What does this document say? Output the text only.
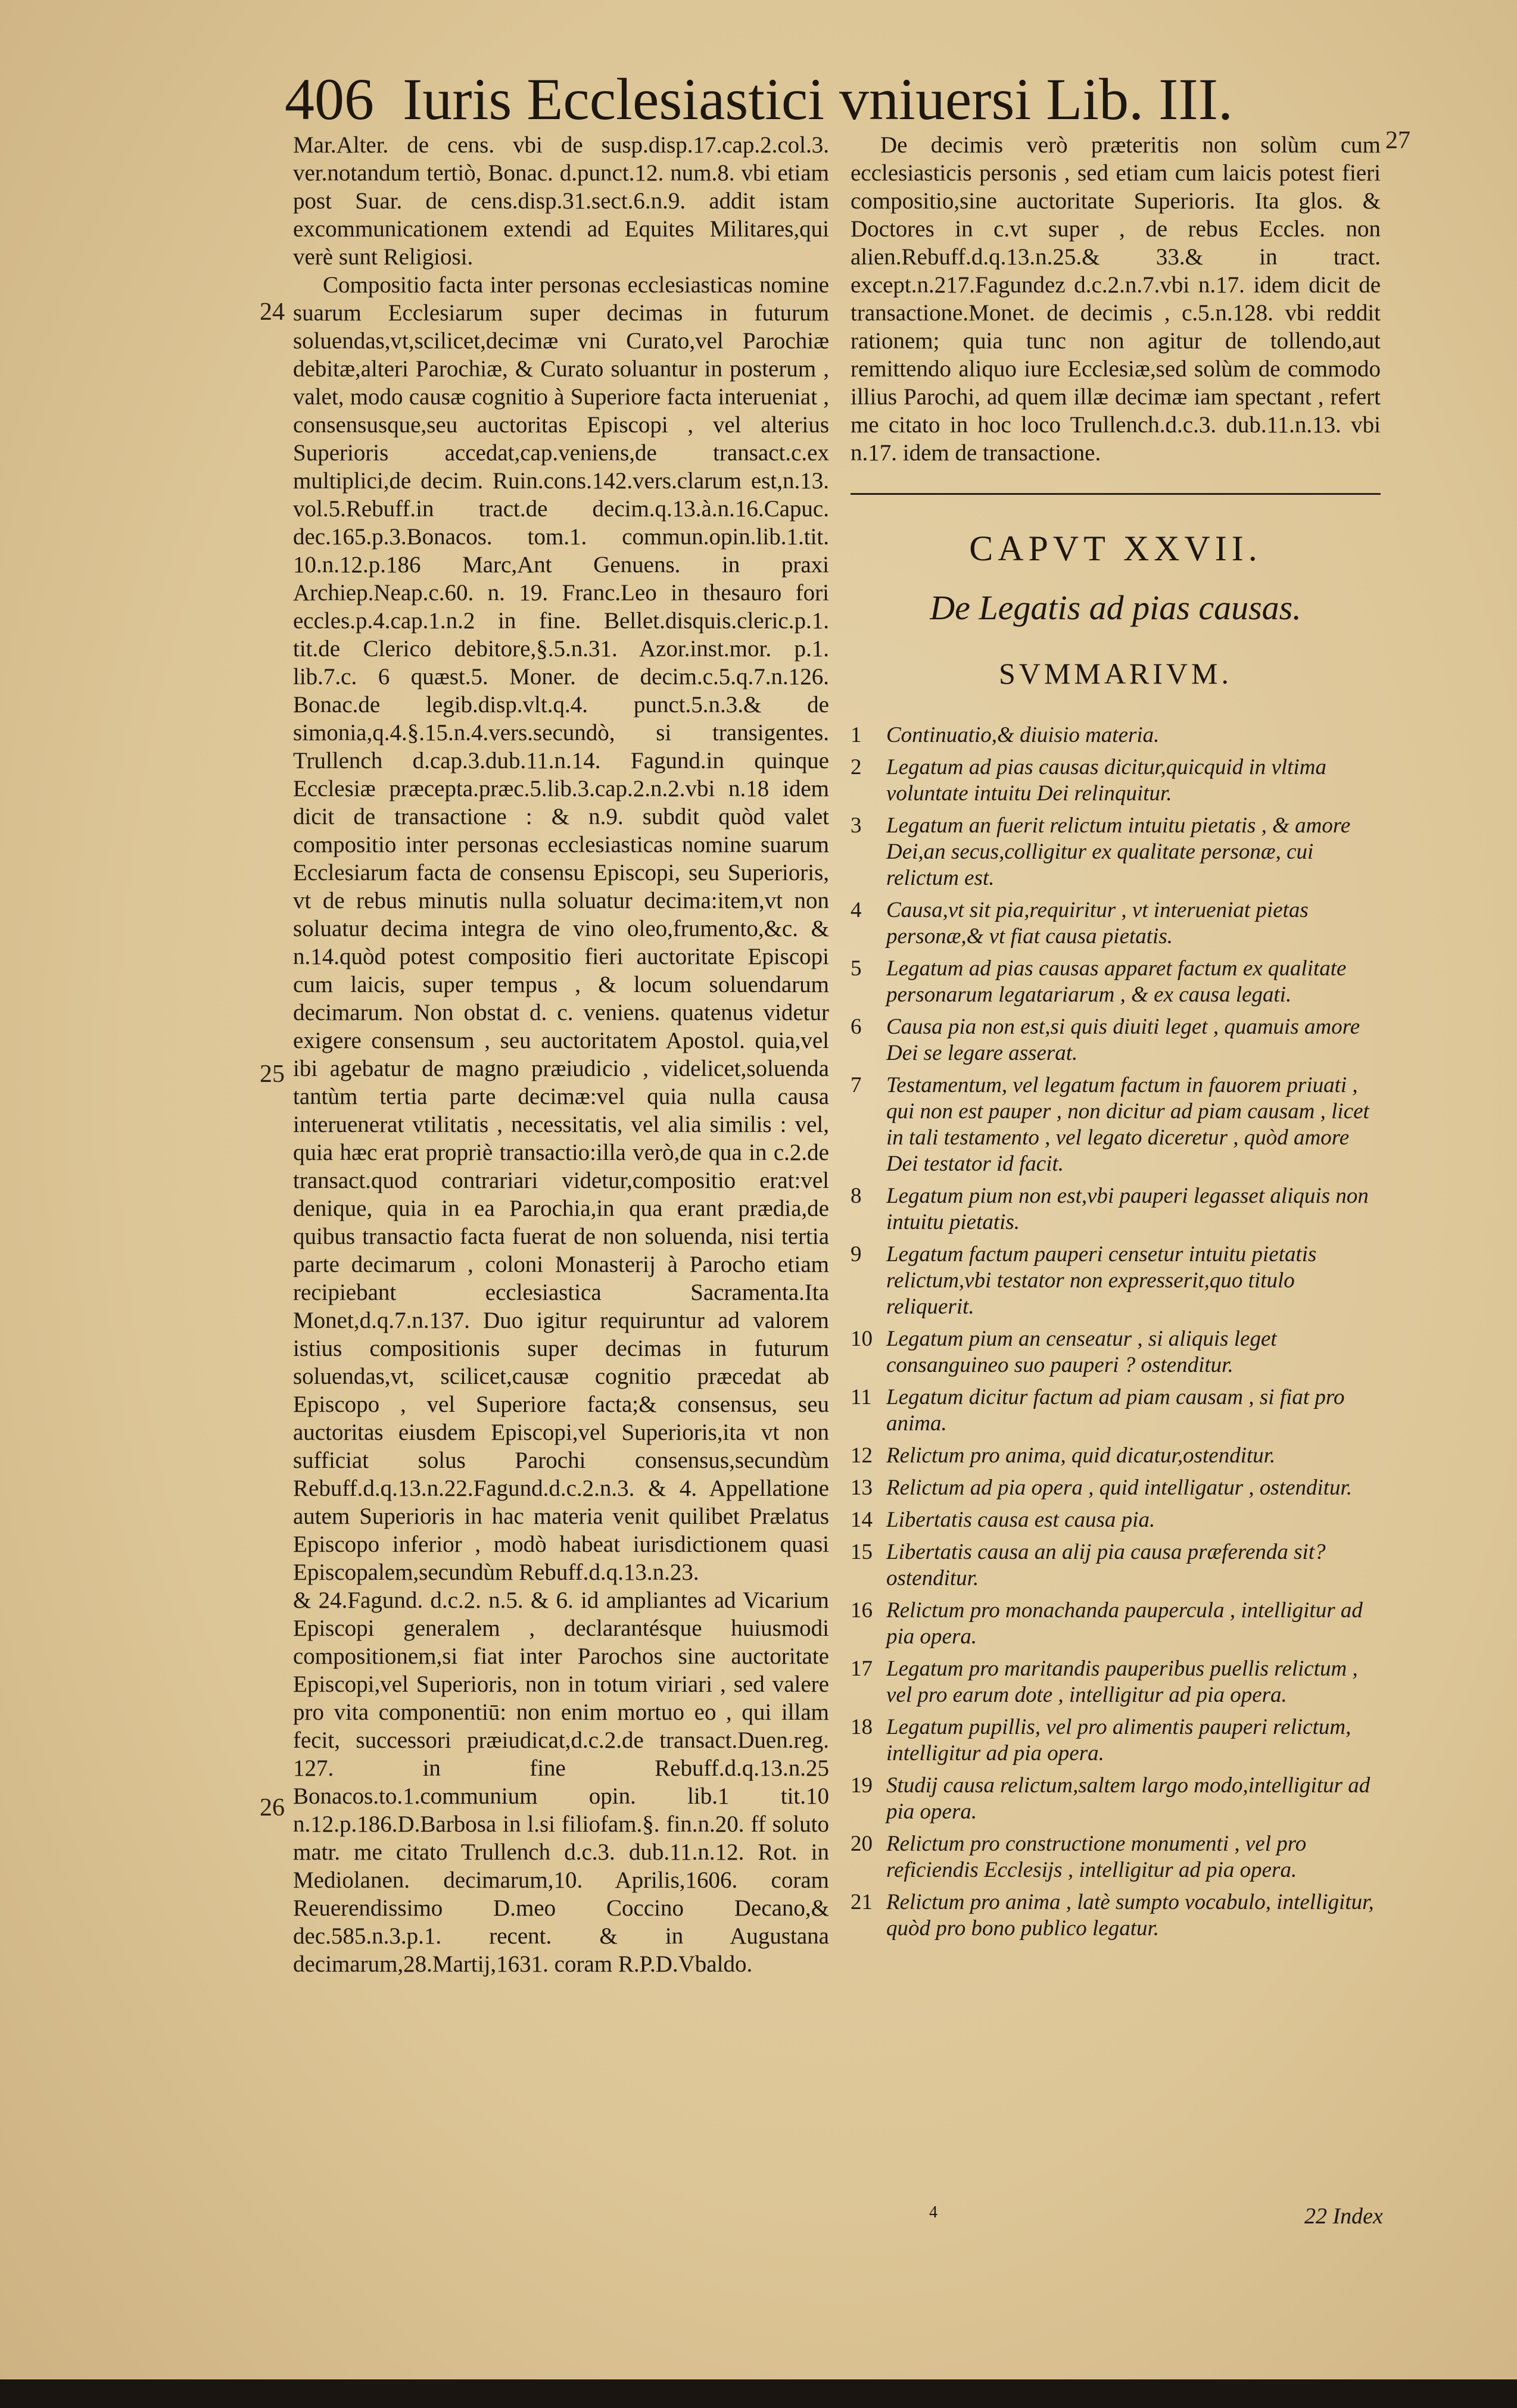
406 Iuris Ecclesiastici vniuersi Lib. III.
24
25
26
27

Mar.Alter. de cens. vbi de susp.disp.17.cap.2.col.3. ver.notandum tertiò, Bonac. d.punct.12. num.8. vbi etiam post Suar. de cens.disp.31.sect.6.n.9. addit istam excommunicationem extendi ad Equites Militares,qui verè sunt Religiosi.

Compositio facta inter personas ecclesiasticas nomine suarum Ecclesiarum super decimas in futurum soluendas,vt,scilicet,decimæ vni Curato,vel Parochiæ debitæ,alteri Parochiæ, & Curato soluantur in posterum , valet, modo causæ cognitio à Superiore facta interueniat , consensusque,seu auctoritas Episcopi , vel alterius Superioris accedat,cap.veniens,de transact.c.ex multiplici,de decim. Ruin.cons.142.vers.clarum est,n.13. vol.5.Rebuff.in tract.de decim.q.13.à.n.16.Capuc. dec.165.p.3.Bonacos. tom.1. commun.opin.lib.1.tit. 10.n.12.p.186 Marc,Ant Genuens. in praxi Archiep.Neap.c.60. n. 19. Franc.Leo in thesauro fori eccles.p.4.cap.1.n.2 in fine. Bellet.disquis.cleric.p.1. tit.de Clerico debitore,§.5.n.31. Azor.inst.mor. p.1. lib.7.c. 6 quæst.5. Moner. de decim.c.5.q.7.n.126. Bonac.de legib.disp.vlt.q.4. punct.5.n.3.& de simonia,q.4.§.15.n.4.vers.secundò, si transigentes. Trullench d.cap.3.dub.11.n.14. Fagund.in quinque Ecclesiæ præcepta.præc.5.lib.3.cap.2.n.2.vbi n.18 idem dicit de transactione : & n.9. subdit quòd valet compositio inter personas ecclesiasticas nomine suarum Ecclesiarum facta de consensu Episcopi, seu Superioris, vt de rebus minutis nulla soluatur decima:item,vt non soluatur decima integra de vino oleo,frumento,&c. & n.14.quòd potest compositio fieri auctoritate Episcopi cum laicis, super tempus , & locum soluendarum decimarum. Non obstat d. c. veniens. quatenus videtur exigere consensum , seu auctoritatem Apostol. quia,vel ibi agebatur de magno præiudicio , videlicet,soluenda tantùm tertia parte decimæ:vel quia nulla causa interuenerat vtilitatis , necessitatis, vel alia similis : vel, quia hæc erat propriè transactio:illa verò,de qua in c.2.de transact.quod contrariari videtur,compositio erat:vel denique, quia in ea Parochia,in qua erant prædia,de quibus transactio facta fuerat de non soluenda, nisi tertia parte decimarum , coloni Monasterij à Parocho etiam recipiebant ecclesiastica Sacramenta.Ita Monet,d.q.7.n.137. Duo igitur requiruntur ad valorem istius compositionis super decimas in futurum soluendas,vt, scilicet,causæ cognitio præcedat ab Episcopo , vel Superiore facta;& consensus, seu auctoritas eiusdem Episcopi,vel Superioris,ita vt non sufficiat solus Parochi consensus,secundùm Rebuff.d.q.13.n.22.Fagund.d.c.2.n.3. & 4. Appellatione autem Superioris in hac materia venit quilibet Prælatus Episcopo inferior , modò habeat iurisdictionem quasi Episcopalem,secundùm Rebuff.d.q.13.n.23.

& 24.Fagund. d.c.2. n.5. & 6. id ampliantes ad Vicarium Episcopi generalem , declarantésque huiusmodi compositionem,si fiat inter Parochos sine auctoritate Episcopi,vel Superioris, non in totum viriari , sed valere pro vita componentiū: non enim mortuo eo , qui illam fecit, successori præiudicat,d.c.2.de transact.Duen.reg. 127. in fine Rebuff.d.q.13.n.25 Bonacos.to.1.communium opin. lib.1 tit.10 n.12.p.186.D.Barbosa in l.si filiofam.§. fin.n.20. ff soluto matr. me citato Trullench d.c.3. dub.11.n.12. Rot. in Mediolanen. decimarum,10. Aprilis,1606. coram Reuerendissimo D.meo Coccino Decano,& dec.585.n.3.p.1. recent. & in Augustana decimarum,28.Martij,1631. coram R.P.D.Vbaldo.

De decimis verò præteritis non solùm cum ecclesiasticis personis , sed etiam cum laicis potest fieri compositio,sine auctoritate Superioris. Ita glos. & Doctores in c.vt super , de rebus Eccles. non alien.Rebuff.d.q.13.n.25.& 33.& in tract. except.n.217.Fagundez d.c.2.n.7.vbi n.17. idem dicit de transactione.Monet. de decimis , c.5.n.128. vbi reddit rationem; quia tunc non agitur de tollendo,aut remittendo aliquo iure Ecclesiæ,sed solùm de commodo illius Parochi, ad quem illæ decimæ iam spectant , refert me citato in hoc loco Trullench.d.c.3. dub.11.n.13. vbi n.17. idem de transactione.

CAPVT XXVII.
De Legatis ad pias causas.
SVMMARIVM.
1	Continuatio,& diuisio materia.
2	Legatum ad pias causas dicitur,quicquid in vltima voluntate intuitu Dei relinquitur.
3	Legatum an fuerit relictum intuitu pietatis , & amore Dei,an secus,colligitur ex qualitate personæ, cui relictum est.
4	Causa,vt sit pia,requiritur , vt interueniat pietas personæ,& vt fiat causa pietatis.
5	Legatum ad pias causas apparet factum ex qualitate personarum legatariarum , & ex causa legati.
6	Causa pia non est,si quis diuiti leget , quamuis amore Dei se legare asserat.
7	Testamentum, vel legatum factum in fauorem priuati , qui non est pauper , non dicitur ad piam causam , licet in tali testamento , vel legato diceretur , quòd amore Dei testator id facit.
8	Legatum pium non est,vbi pauperi legasset aliquis non intuitu pietatis.
9	Legatum factum pauperi censetur intuitu pietatis relictum,vbi testator non expresserit,quo titulo reliquerit.
10 Legatum pium an censeatur , si aliquis leget consanguineo suo pauperi ? ostenditur.
11 Legatum dicitur factum ad piam causam , si fiat pro anima.
12 Relictum pro anima, quid dicatur,ostenditur.
13 Relictum ad pia opera , quid intelligatur , ostenditur.
14 Libertatis causa est causa pia.
15 Libertatis causa an alij pia causa præferenda sit? ostenditur.
16 Relictum pro monachanda paupercula , intelligitur ad pia opera.
17 Legatum pro maritandis pauperibus puellis relictum , vel pro earum dote , intelligitur ad pia opera.
18 Legatum pupillis, vel pro alimentis pauperi relictum, intelligitur ad pia opera.
19 Studij causa relictum,saltem largo modo,intelligitur ad pia opera.
20 Relictum pro constructione monumenti , vel pro reficiendis Ecclesijs , intelligitur ad pia opera.
21 Relictum pro anima , latè sumpto vocabulo, intelligitur, quòd pro bono publico legatur.
4	22 Index
